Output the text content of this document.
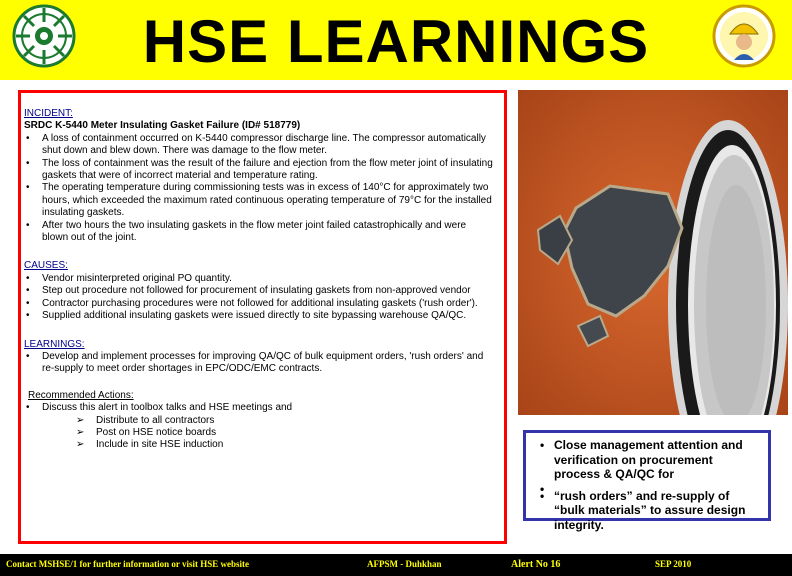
HSE LEARNINGS
INCIDENT:
SRDC K-5440 Meter Insulating Gasket Failure (ID# 518779)
• A loss of containment occurred on K-5440 compressor discharge line. The compressor automatically shut down and blew down. There was damage to the flow meter.
• The loss of containment was the result of the failure and ejection from the flow meter joint of insulating gaskets that were of incorrect material and temperature rating.
• The operating temperature during commissioning tests was in excess of 140°C for approximately two hours, which exceeded the maximum rated continuous operating temperature of 79°C for the installed insulating gaskets.
• After two hours the two insulating gaskets in the flow meter joint failed catastrophically and were blown out of the joint.
CAUSES:
• Vendor misinterpreted original PO quantity.
• Step out procedure not followed for procurement of insulating gaskets from non-approved vendor
• Contractor purchasing procedures were not followed for additional insulating gaskets ('rush order').
• Supplied additional insulating gaskets were issued directly to site bypassing warehouse QA/QC.
LEARNINGS:
• Develop and implement processes for improving QA/QC of bulk equipment orders, 'rush orders' and re-supply to meet order shortages in EPC/ODC/EMC contracts.
Recommended Actions:
• Discuss this alert in toolbox talks and HSE meetings and
➢ Distribute to all contractors
➢ Post on HSE notice boards
➢ Include in site HSE induction
•	Close management attention and verification on procurement process & QA/QC for
•
• “rush orders” and re-supply of “bulk materials” to assure design integrity.
Contact MSHSE/1 for further information or visit HSE website	AFPSM - Duhkhan	Alert No 16	SEP 2010
